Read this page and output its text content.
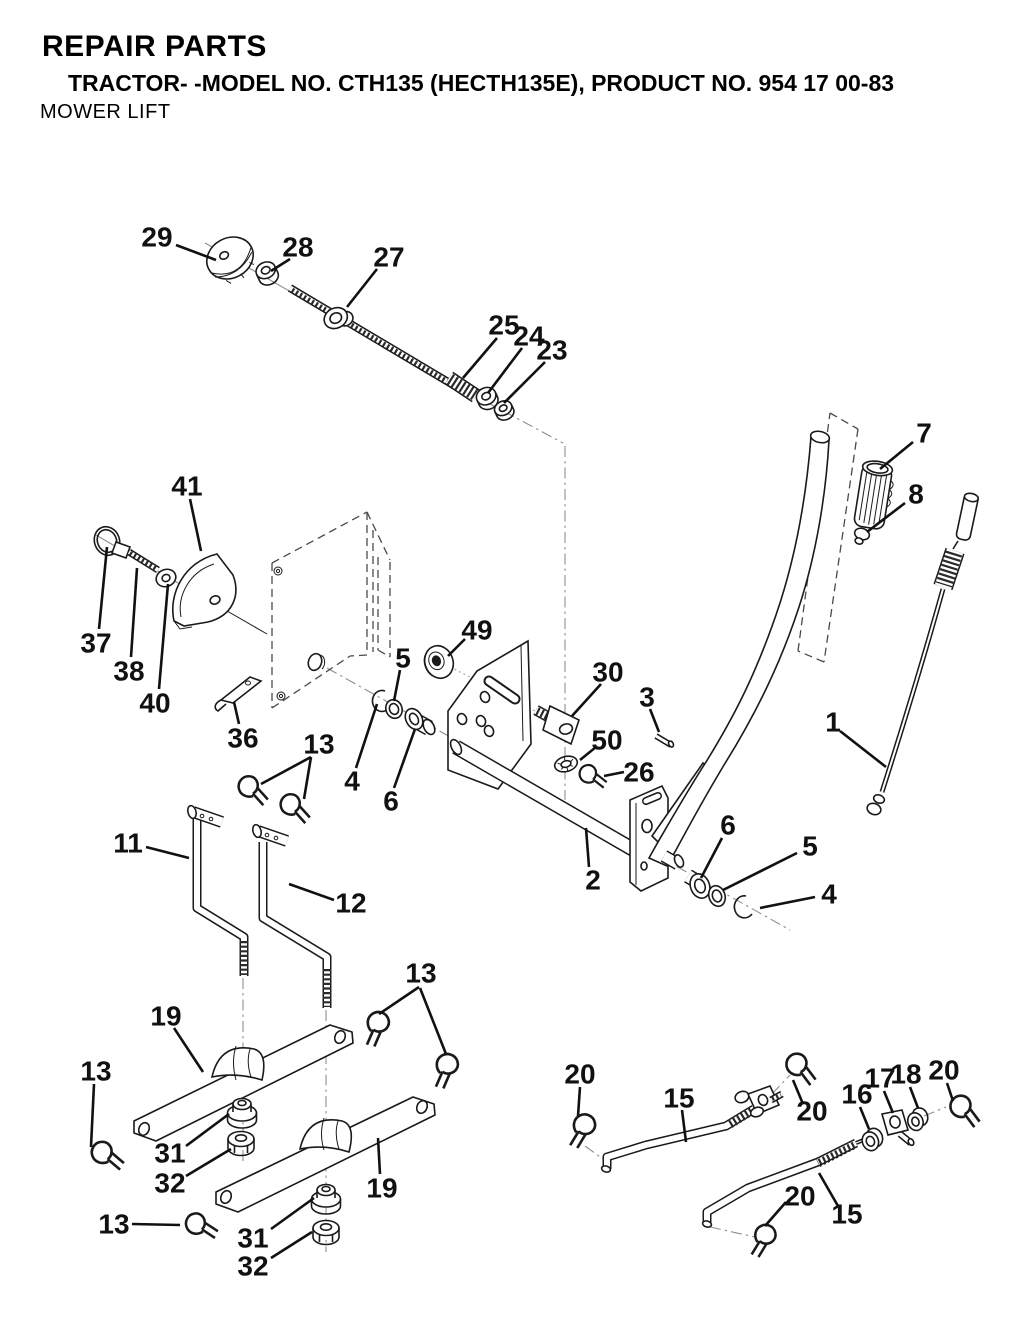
REPAIR PARTS
TRACTOR- -MODEL NO. CTH135 (HECTH135E), PRODUCT NO. 954 17 00-83
MOWER LIFT
29	28 27
25
24
23
7
8
41
37
38
40
36
49
5	30
3
50
26
1
4
6
13
11
12
2
6
5
4
13
19
13
31
32	19
13	31
32
20
15	20
16
17
18 20
20
15
